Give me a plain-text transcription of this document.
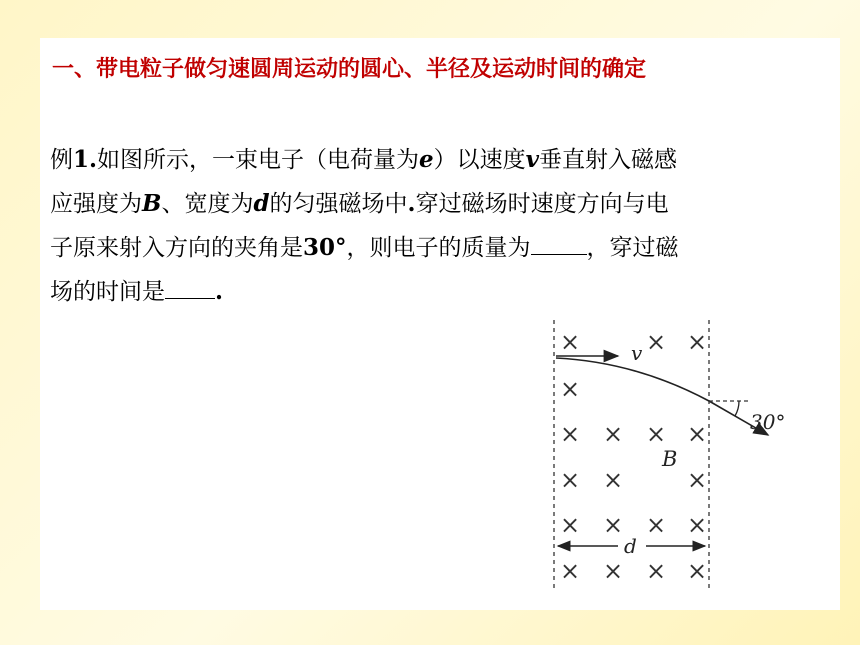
一、带电粒子做匀速圆周运动的圆心、半径及运动时间的确定
例1.如图所示，一束电子（电荷量为e）以速度v垂直射入磁感
应强度为B、宽度为d的匀强磁场中.穿过磁场时速度方向与电
子原来射入方向的夹角是30°，则电子的质量为 ，穿过磁
场的时间是 .
×	× ×
×
× × × ×
× ×	×
× × × ×
× × × ×
v
30°
B
d
